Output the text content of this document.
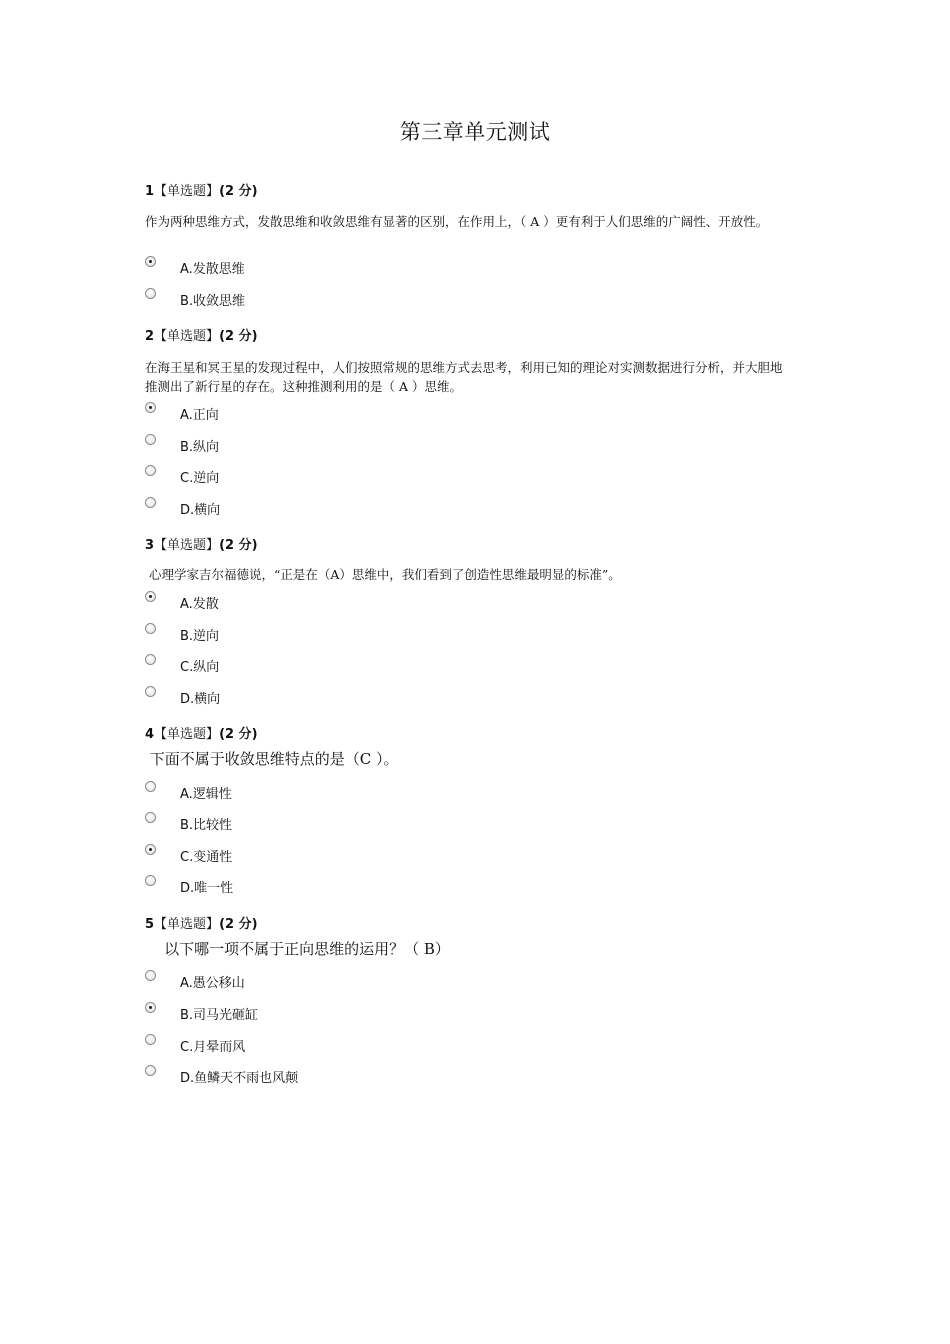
第三章单元测试
1【单选题】(2 分)
作为两种思维方式，发散思维和收敛思维有显著的区别，在作用上，（ A ）更有利于人们思维的广阔性、开放性。
A.发散思维
B.收敛思维
2【单选题】(2 分)
在海王星和冥王星的发现过程中，人们按照常规的思维方式去思考，利用已知的理论对实测数据进行分析，并大胆地推测出了新行星的存在。这种推测利用的是（ A ）思维。
A.正向
B.纵向
C.逆向
D.横向
3【单选题】(2 分)
心理学家吉尔福德说，“正是在（A）思维中，我们看到了创造性思维最明显的标准”。
A.发散
B.逆向
C.纵向
D.横向
4【单选题】(2 分)
下面不属于收敛思维特点的是（C ）。
A.逻辑性
B.比较性
C.变通性
D.唯一性
5【单选题】(2 分)
以下哪一项不属于正向思维的运用？（ B）
A.愚公移山
B.司马光砸缸
C.月晕而风
D.鱼鳞天不雨也风颠
